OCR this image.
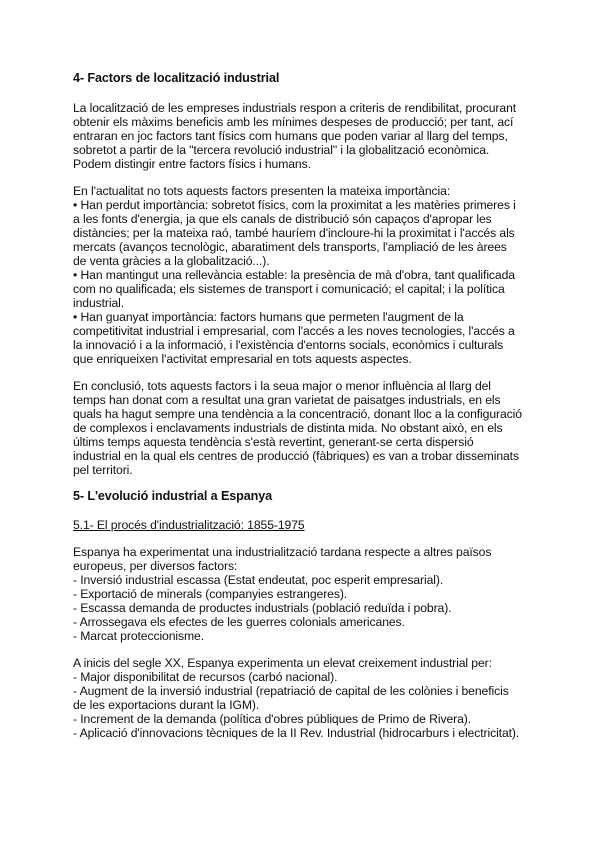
4- Factors de localització industrial
La localització de les empreses industrials respon a criteris de rendibilitat, procurant
obtenir els màxims beneficis amb les mínimes despeses de producció; per tant, ací
entraran en joc factors tant físics com humans que poden variar al llarg del temps,
sobretot a partir de la "tercera revolució industrial" i la globalització econòmica.
Podem distingir entre factors físics i humans.
En l'actualitat no tots aquests factors presenten la mateixa importància:
• Han perdut importància: sobretot físics, com la proximitat a les matèries primeres i
a les fonts d'energia, ja que els canals de distribució són capaços d'apropar les
distàncies; per la mateixa raó, també hauríem d'incloure-hi la proximitat i l'accés als
mercats (avanços tecnològic, abaratiment dels transports, l'ampliació de les àrees
de venta gràcies a la globalització...).
• Han mantingut una rellevància estable: la presència de mà d'obra, tant qualificada
com no qualificada; els sistemes de transport i comunicació; el capital; i la política
industrial.
• Han guanyat importància: factors humans que permeten l'augment de la
competitivitat industrial i empresarial, com l'accés a les noves tecnologies, l'accés a
la innovació i a la informació, i l'existència d'entorns socials, econòmics i culturals
que enriqueixen l'activitat empresarial en tots aquests aspectes.
En conclusió, tots aquests factors i la seua major o menor influència al llarg del
temps han donat com a resultat una gran varietat de paisatges industrials, en els
quals ha hagut sempre una tendència a la concentració, donant lloc a la configuració
de complexos i enclavaments industrials de distinta mida. No obstant això, en els
últims temps aquesta tendència s'està revertint, generant-se certa dispersió
industrial en la qual els centres de producció (fàbriques) es van a trobar disseminats
pel territori.
5- L'evolució industrial a Espanya
5.1- El procés d'industrialització: 1855-1975
Espanya ha experimentat una industrialització tardana respecte a altres països
europeus, per diversos factors:
- Inversió industrial escassa (Estat endeutat, poc esperit empresarial).
- Exportació de minerals (companyies estrangeres).
- Escassa demanda de productes industrials (població reduïda i pobra).
- Arrossegava els efectes de les guerres colonials americanes.
- Marcat proteccionisme.
A inicis del segle XX, Espanya experimenta un elevat creixement industrial per:
- Major disponibilitat de recursos (carbó nacional).
- Augment de la inversió industrial (repatriació de capital de les colònies i beneficis
de les exportacions durant la IGM).
- Increment de la demanda (política d'obres públiques de Primo de Rivera).
- Aplicació d'innovacions tècniques de la II Rev. Industrial (hidrocarburs i electricitat).
